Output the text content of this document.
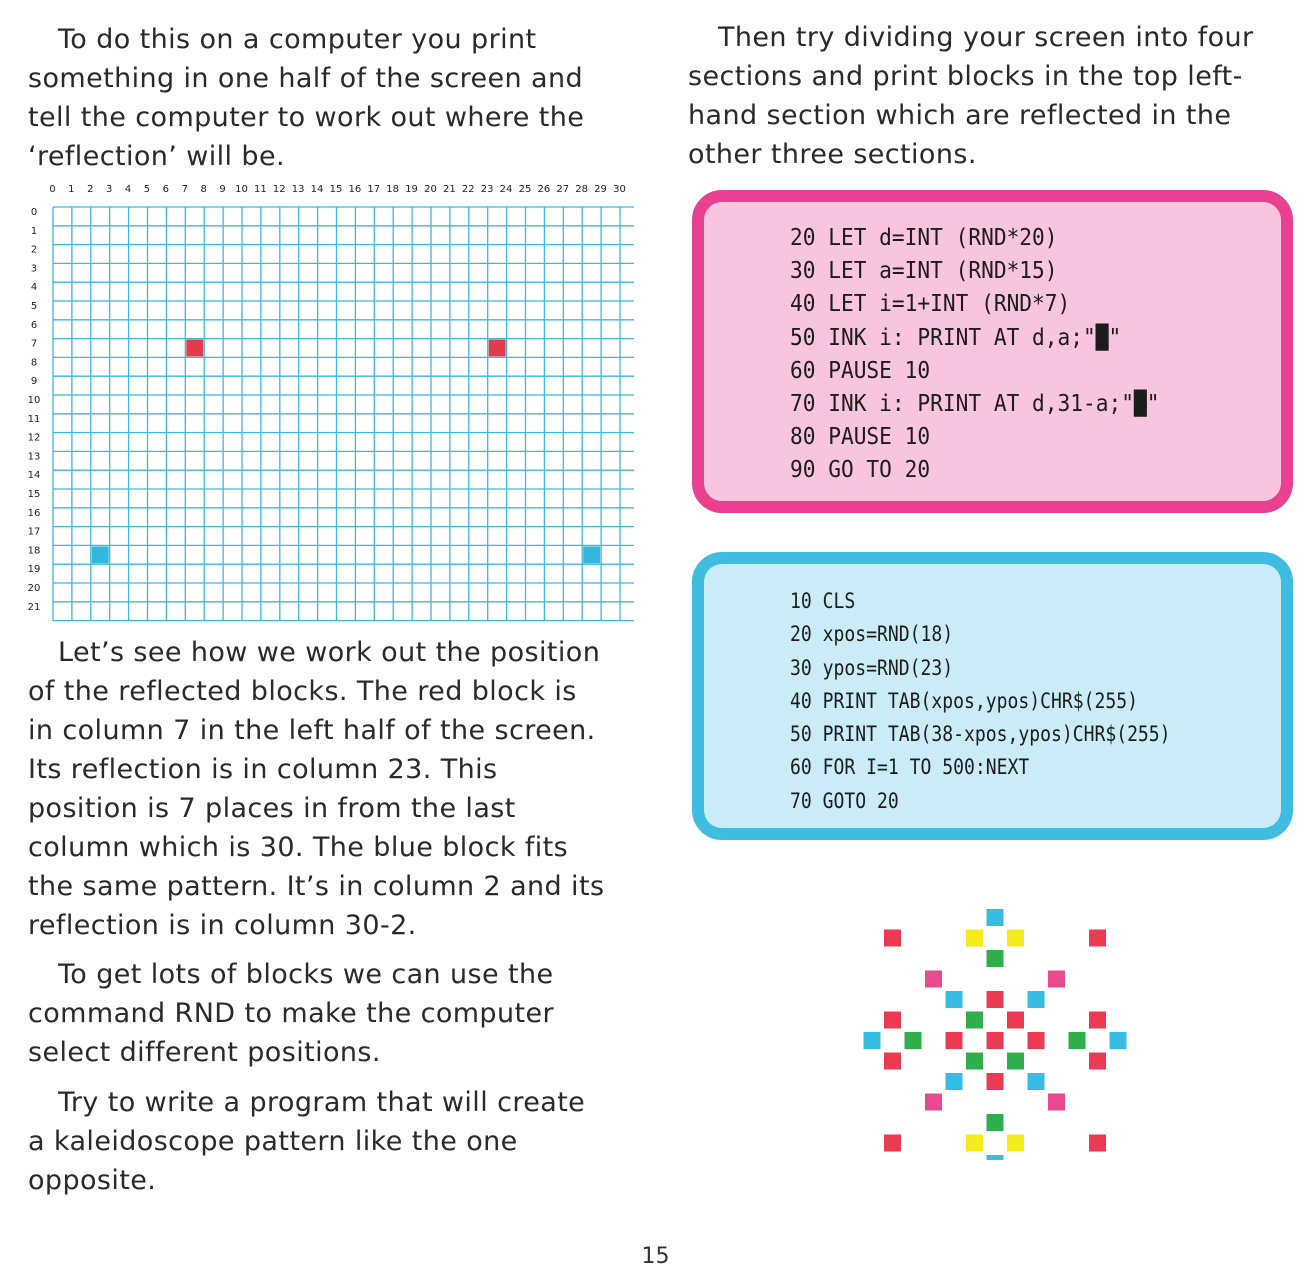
To do this on a computer you print
something in one half of the screen and
tell the computer to work out where the
‘reflection’ will be.

0 1 2 3 4 5 6 7 8 9 10 11 12 13 14 15 16 17 18 19 20 21 22 23 24 25 26 27 28 29 30
0
1
2
3
4
5
6
7
8
9
10
11
12
13
14
15
16
17
18
19
20
21

Let’s see how we work out the position
of the reflected blocks. The red block is
in column 7 in the left half of the screen.
Its reflection is in column 23. This
position is 7 places in from the last
column which is 30. The blue block fits
the same pattern. It’s in column 2 and its
reflection is in column 30-2.

To get lots of blocks we can use the
command RND to make the computer
select different positions.

Try to write a program that will create
a kaleidoscope pattern like the one
opposite.

Then try dividing your screen into four
sections and print blocks in the top left-
hand section which are reflected in the
other three sections.

20 LET d=INT (RND*20)
30 LET a=INT (RND*15)
40 LET i=1+INT (RND*7)
50 INK i: PRINT AT d,a;"█"
60 PAUSE 10
70 INK i: PRINT AT d,31-a;"█"
80 PAUSE 10
90 GO TO 20
10 CLS
20 xpos=RND(18)
30 ypos=RND(23)
40 PRINT TAB(xpos,ypos)CHR$(255)
50 PRINT TAB(38-xpos,ypos)CHR$(255)
60 FOR I=1 TO 500:NEXT
70 GOTO 20
15
